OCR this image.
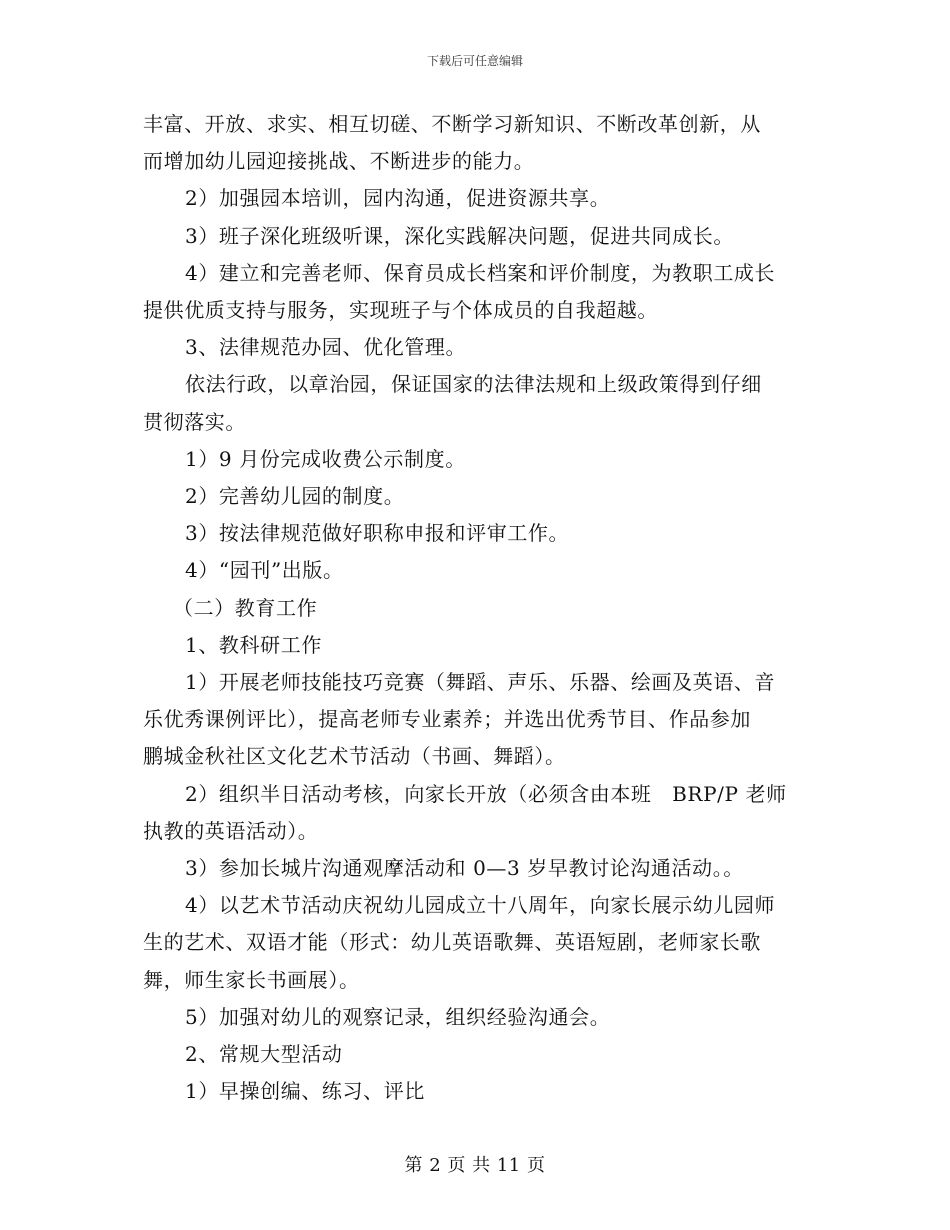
下载后可任意编辑

丰富、开放、求实、相互切磋、不断学习新知识、不断改革创新，从

而增加幼儿园迎接挑战、不断进步的能力。

2）加强园本培训，园内沟通，促进资源共享。

3）班子深化班级听课，深化实践解决问题，促进共同成长。

4）建立和完善老师、保育员成长档案和评价制度，为教职工成长

提供优质支持与服务，实现班子与个体成员的自我超越。

3、法律规范办园、优化管理。

依法行政，以章治园，保证国家的法律法规和上级政策得到仔细

贯彻落实。

1）9 月份完成收费公示制度。

2）完善幼儿园的制度。

3）按法律规范做好职称申报和评审工作。

4）“园刊”出版。

（二）教育工作

1、教科研工作

1）开展老师技能技巧竞赛（舞蹈、声乐、乐器、绘画及英语、音

乐优秀课例评比），提高老师专业素养；并选出优秀节目、作品参加

鹏城金秋社区文化艺术节活动（书画、舞蹈）。

2）组织半日活动考核，向家长开放（必须含由本班　BRP/P 老师

执教的英语活动）。

3）参加长城片沟通观摩活动和 0—3 岁早教讨论沟通活动。。

4）以艺术节活动庆祝幼儿园成立十八周年，向家长展示幼儿园师

生的艺术、双语才能（形式：幼儿英语歌舞、英语短剧，老师家长歌

舞，师生家长书画展）。

5）加强对幼儿的观察记录，组织经验沟通会。

2、常规大型活动

1）早操创编、练习、评比

第 2 页 共 11 页
